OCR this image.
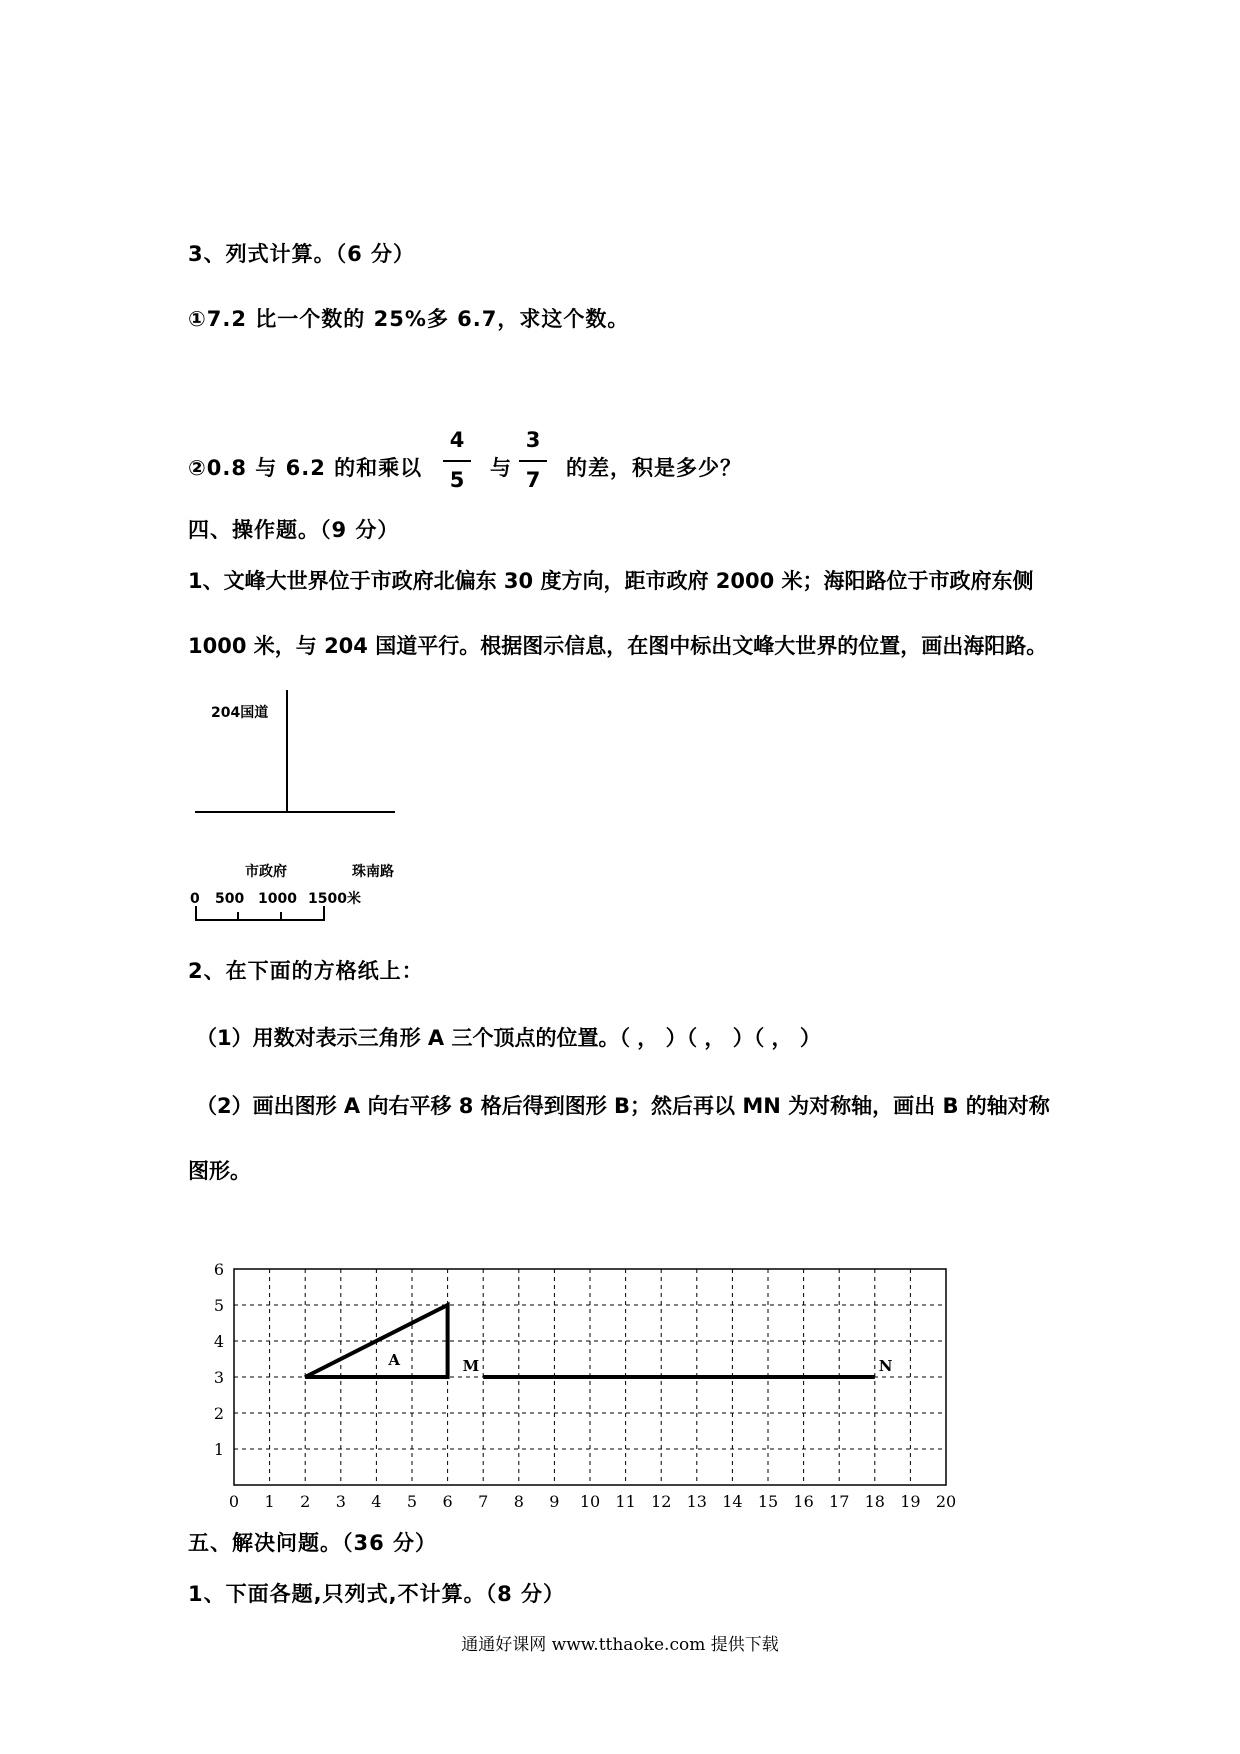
3、列式计算。（6 分）
①7.2 比一个数的 25%多 6.7，求这个数。
②0.8 与 6.2 的和乘以
4
5	与
3
7	的差，积是多少？
四、操作题。（9 分）
1、文峰大世界位于市政府北偏东 30 度方向，距市政府 2000 米；海阳路位于市政府东侧
1000 米，与 204 国道平行。根据图示信息，在图中标出文峰大世界的位置，画出海阳路。
204国道
市政府	珠南路
0 500 1000 1500米
2、在下面的方格纸上：
（1）用数对表示三角形 A 三个顶点的位置。（ ， ）（ ， ）（ ， ）
（2）画出图形 A 向右平移 8 格后得到图形 B；然后再以 MN 为对称轴，画出 B 的轴对称
图形。
0 1 2 3 4 5 6 7 8 9 10 11 12 13 14 15 16 17 18 19 20
1
2
3
4
5
6
A	M	N
五、解决问题。（36 分）
1、下面各题,只列式,不计算。（8 分）
通通好课网 www.tthaoke.com 提供下载
